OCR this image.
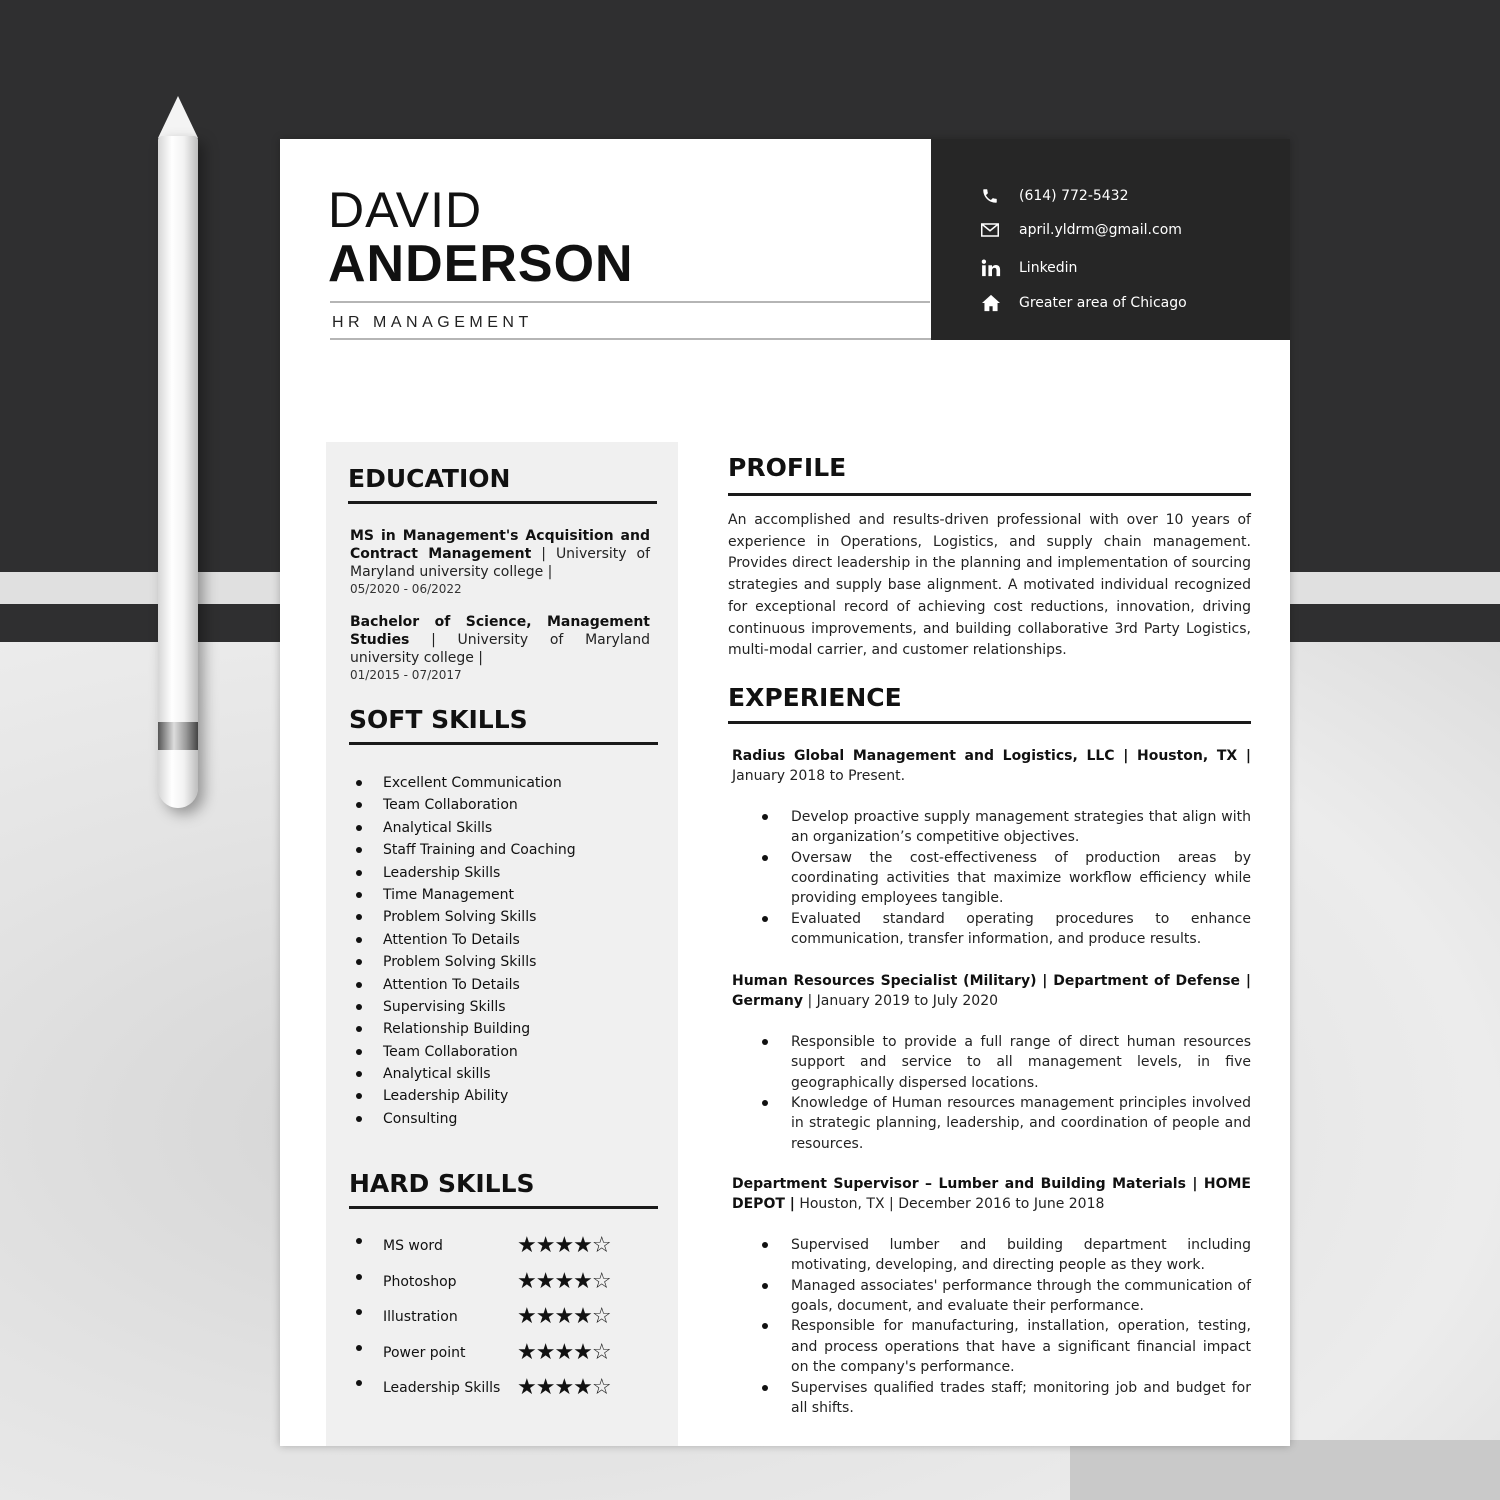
DAVID
ANDERSON
HR MANAGEMENT
(614) 772-5432
april.yldrm@gmail.com
Linkedin
Greater area of Chicago
EDUCATION
MS in Management's Acquisition and Contract Management | University of Maryland university college |
05/2020 - 06/2022
Bachelor of Science, Management Studies | University of Maryland university college |
01/2015 - 07/2017
SOFT SKILLS
Excellent Communication
Team Collaboration
Analytical Skills
Staff Training and Coaching
Leadership Skills
Time Management
Problem Solving Skills
Attention To Details
Problem Solving Skills
Attention To Details
Supervising Skills
Relationship Building
Team Collaboration
Analytical skills
Leadership Ability
Consulting
HARD SKILLS
MS word	★★★★☆
Photoshop	★★★★☆
Illustration	★★★★☆
Power point ★★★★☆
Leadership Skills ★★★★☆
PROFILE
An accomplished and results-driven professional with over 10 years of experience in Operations, Logistics, and supply chain management. Provides direct leadership in the planning and implementation of sourcing strategies and supply base alignment. A motivated individual recognized for exceptional record of achieving cost reductions, innovation, driving continuous improvements, and building collaborative 3rd Party Logistics, multi-modal carrier, and customer relationships.
EXPERIENCE
Radius Global Management and Logistics, LLC | Houston, TX | January 2018 to Present.
Develop proactive supply management strategies that align with an organization’s competitive objectives.
Oversaw the cost-effectiveness of production areas by coordinating activities that maximize workflow efficiency while providing employees tangible.
Evaluated standard operating procedures to enhance communication, transfer information, and produce results.
Human Resources Specialist (Military) | Department of Defense | Germany | January 2019 to July 2020
Responsible to provide a full range of direct human resources support and service to all management levels, in five geographically dispersed locations.
Knowledge of Human resources management principles involved in strategic planning, leadership, and coordination of people and resources.
Department Supervisor – Lumber and Building Materials | HOME DEPOT | Houston, TX | December 2016 to June 2018
Supervised lumber and building department including motivating, developing, and directing people as they work.
Managed associates' performance through the communication of goals, document, and evaluate their performance.
Responsible for manufacturing, installation, operation, testing, and process operations that have a significant financial impact on the company's performance.
Supervises qualified trades staff; monitoring job and budget for all shifts.
